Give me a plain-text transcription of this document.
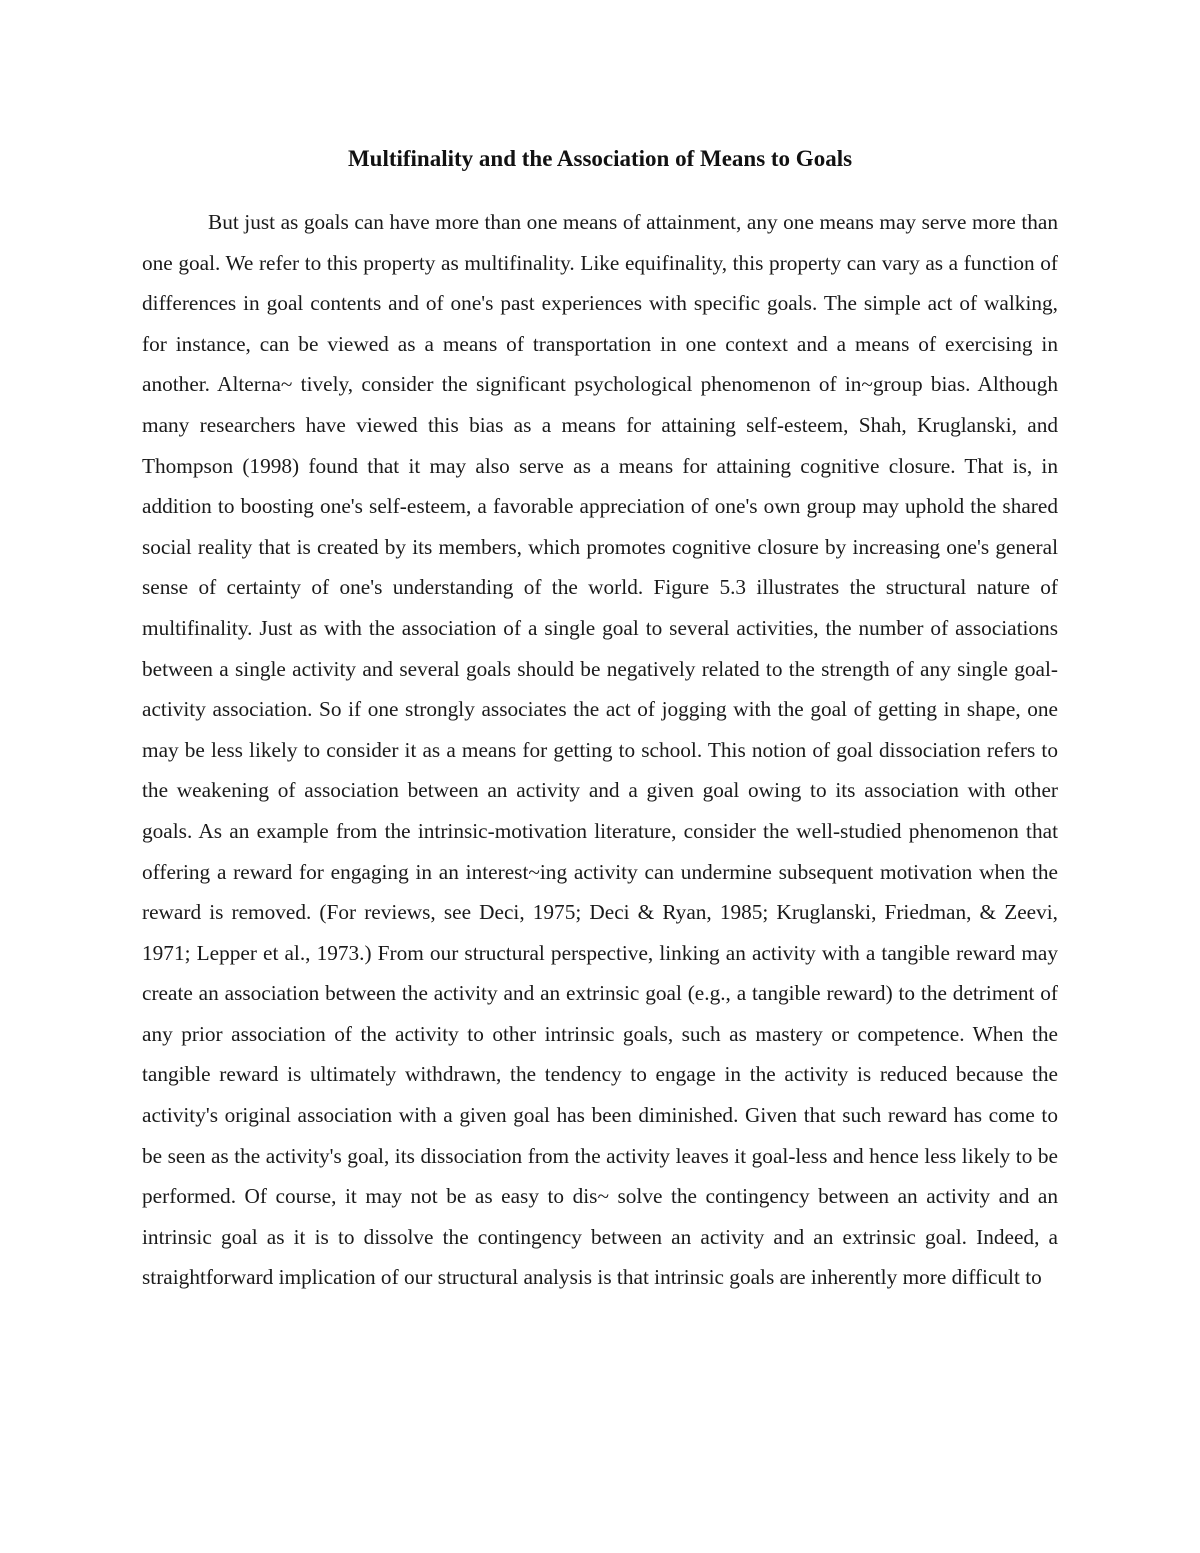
Multifinality and the Association of Means to Goals

But just as goals can have more than one means of attainment, any one means may serve more than one goal. We refer to this property as multifinality. Like equifinality, this property can vary as a function of differences in goal contents and of one's past experiences with specific goals. The simple act of walking, for instance, can be viewed as a means of transportation in one context and a means of exercising in another. Alterna~ tively, consider the significant psychological phenomenon of in~group bias. Although many researchers have viewed this bias as a means for attaining self-esteem, Shah, Kruglanski, and Thompson (1998) found that it may also serve as a means for attaining cognitive closure. That is, in addition to boosting one's self-esteem, a favorable appreciation of one's own group may uphold the shared social reality that is created by its members, which promotes cognitive closure by increasing one's general sense of certainty of one's understanding of the world. Figure 5.3 illustrates the structural nature of multifinality. Just as with the association of a single goal to several activities, the number of associations between a single activity and several goals should be negatively related to the strength of any single goal-activity association. So if one strongly associates the act of jogging with the goal of getting in shape, one may be less likely to consider it as a means for getting to school. This notion of goal dissociation refers to the weakening of association between an activity and a given goal owing to its association with other goals. As an example from the intrinsic-motivation literature, consider the well-studied phenomenon that offering a reward for engaging in an interest~ing activity can undermine subsequent motivation when the reward is removed. (For reviews, see Deci, 1975; Deci & Ryan, 1985; Kruglanski, Friedman, & Zeevi, 1971; Lepper et al., 1973.) From our structural perspective, linking an activity with a tangible reward may create an association between the activity and an extrinsic goal (e.g., a tangible reward) to the detriment of any prior association of the activity to other intrinsic goals, such as mastery or competence. When the tangible reward is ultimately withdrawn, the tendency to engage in the activity is reduced because the activity's original association with a given goal has been diminished. Given that such reward has come to be seen as the activity's goal, its dissociation from the activity leaves it goal-less and hence less likely to be performed. Of course, it may not be as easy to dis~ solve the contingency between an activity and an intrinsic goal as it is to dissolve the contingency between an activity and an extrinsic goal. Indeed, a straightforward implication of our structural analysis is that intrinsic goals are inherently more difficult to
